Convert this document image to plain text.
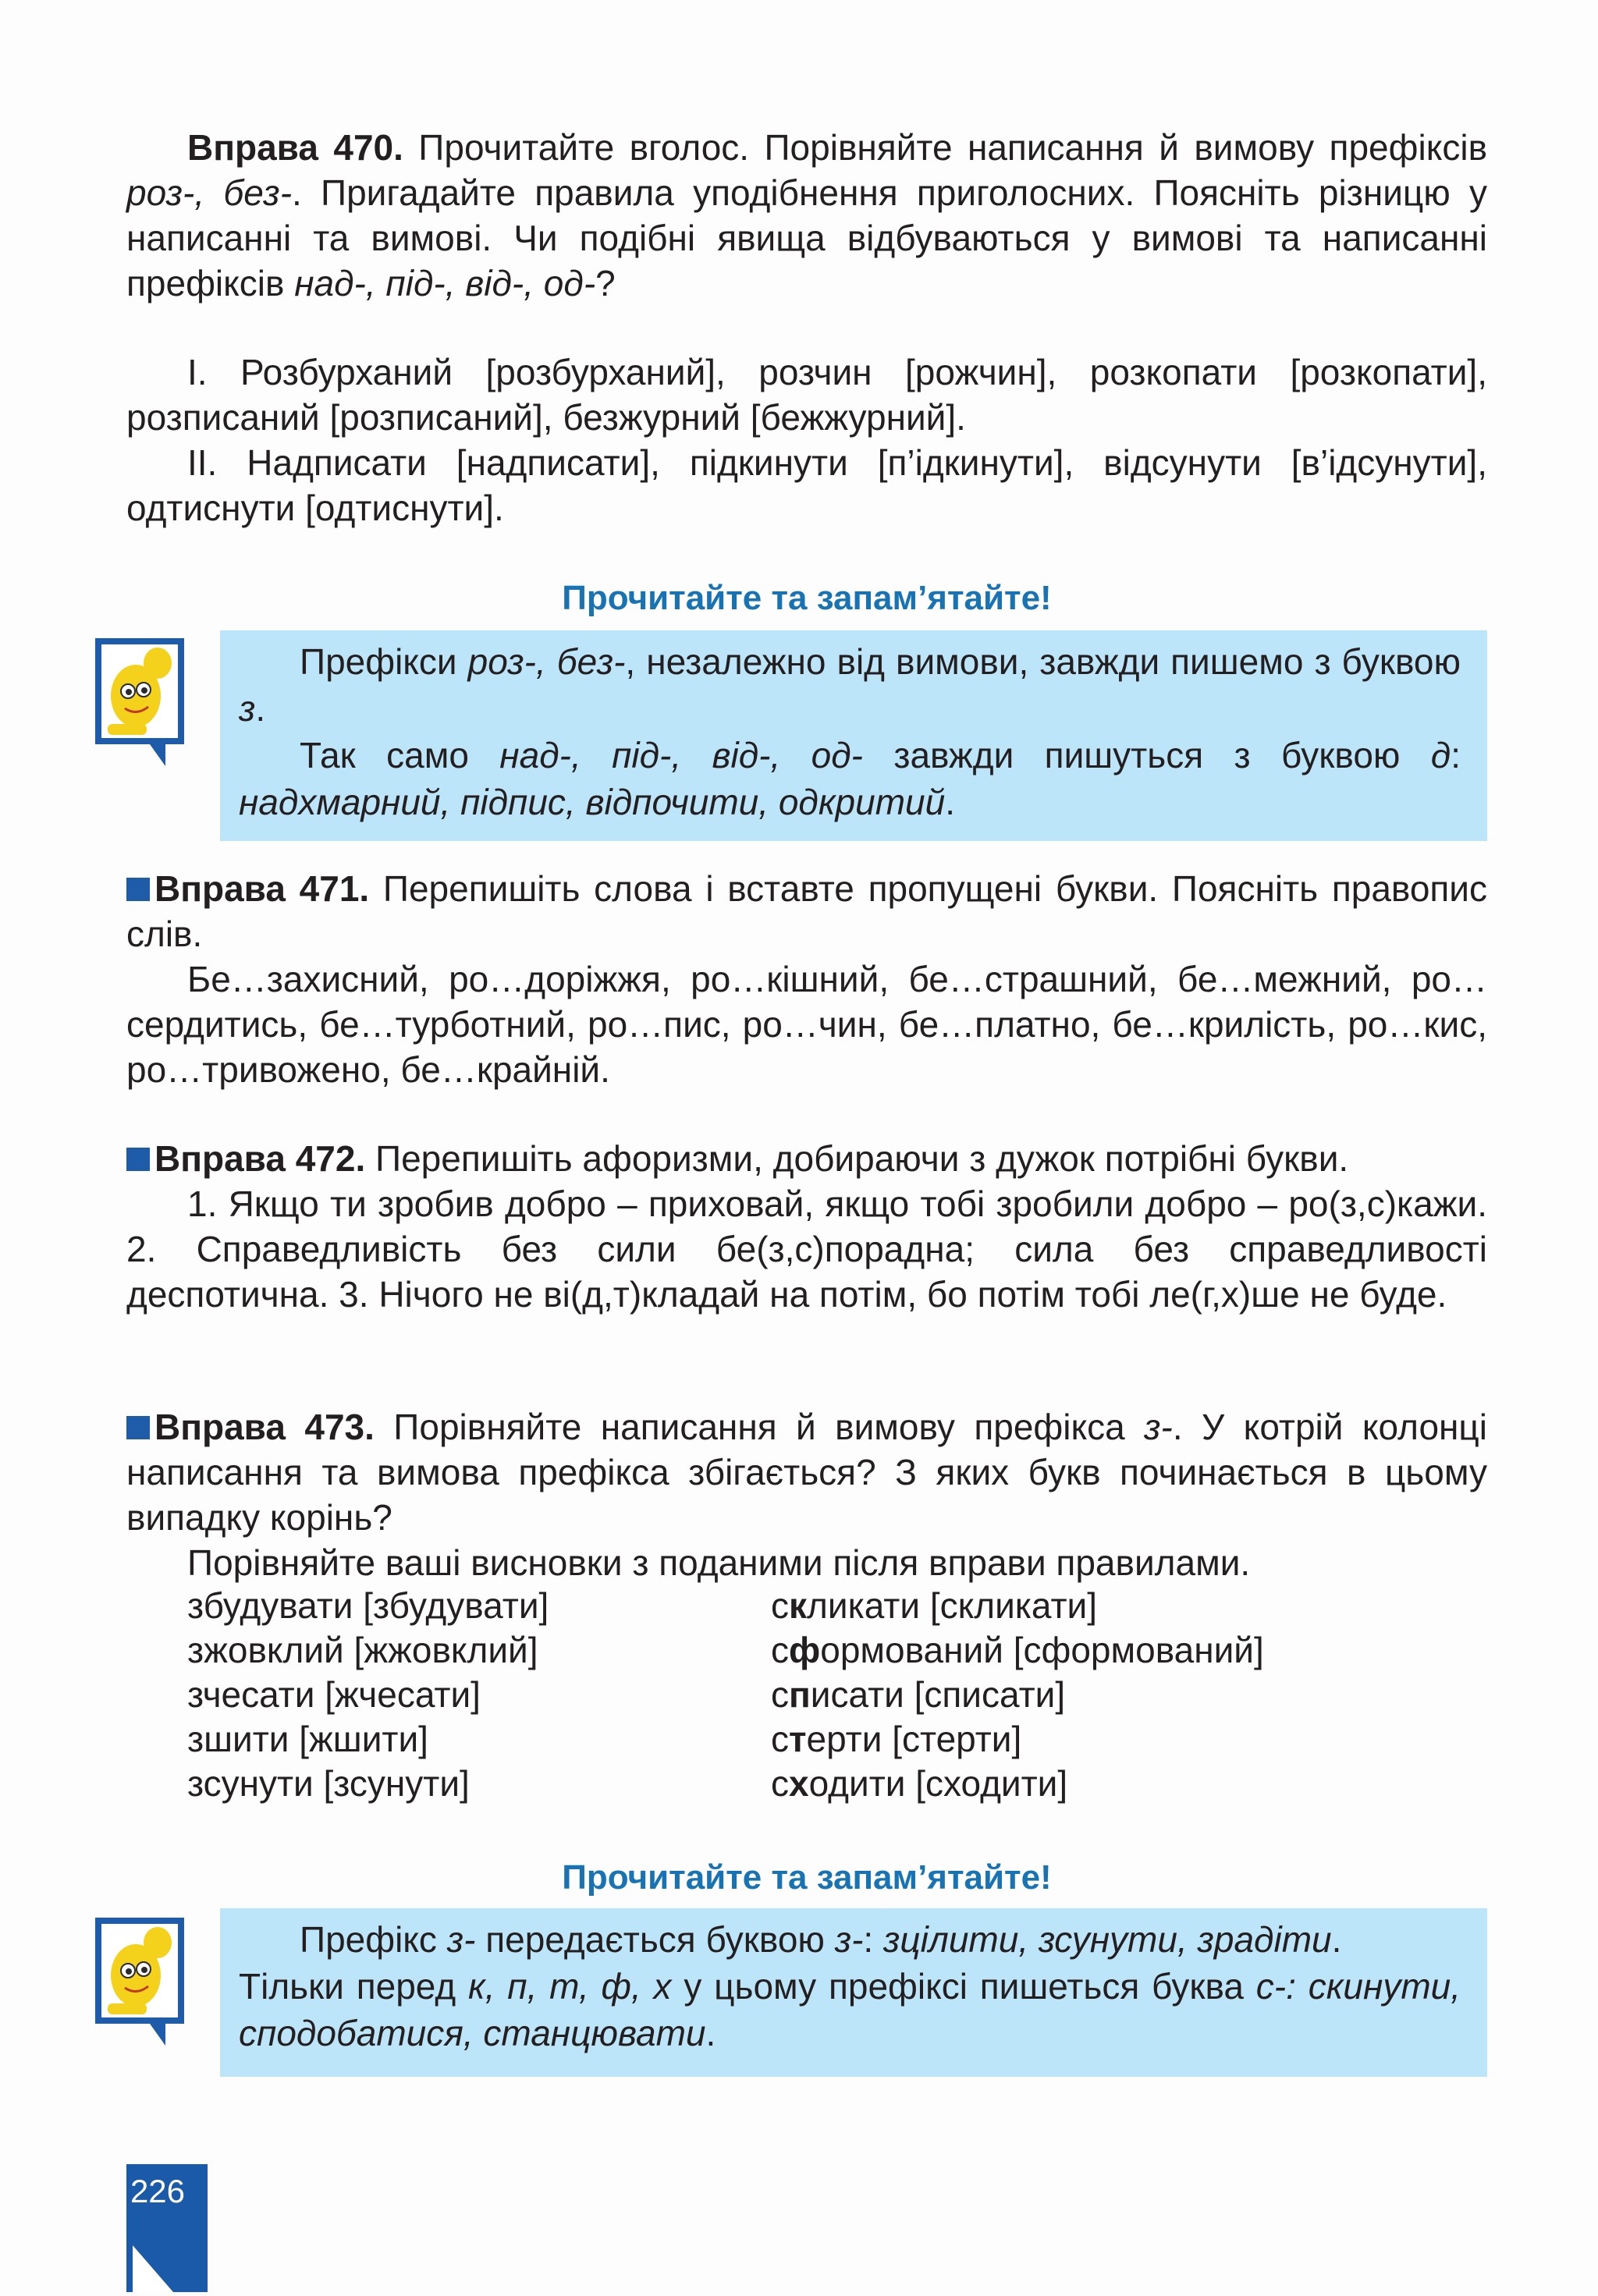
Вправа 470. Прочитайте вголос. Порівняйте написання й вимову префіксів роз-, без-. Пригадайте правила уподібнення приголосних. Поясніть різницю у написанні та вимові. Чи подібні явища відбуваються у вимові та написанні префіксів над-, під-, від-, од-?

I. Розбурханий [розбурханий], розчин [рожчин], розкопати [розкопати], розписаний [розписаний], безжурний [бежжурний].

II. Надписати [надписати], підкинути [п’ідкинути], відсунути [в’ідсунути], одтиснути [одтиснути].

Прочитайте та запам’ятайте!

Префікси роз-, без-, незалежно від вимови, завжди пишемо з буквою з.

Так само над-, під-, від-, од- завжди пишуться з буквою д: надхмарний, підпис, відпочити, одкритий.

Вправа 471. Перепишіть слова і вставте пропущені букви. Поясніть правопис слів.

Бе…захисний, ро…доріжжя, ро…кішний, бе…страшний, бе…межний, ро…сердитись, бе…турботний, ро…пис, ро…чин, бе…платно, бе…крилість, ро…кис, ро…тривожено, бе…крайній.

Вправа 472. Перепишіть афоризми, добираючи з дужок потрібні букви.

1. Якщо ти зробив добро – приховай, якщо тобі зробили добро – ро(з,с)кажи. 2. Справедливість без сили бе(з,с)порадна; сила без справедливості деспотична. 3. Нічого не ві(д,т)кладай на потім, бо потім тобі ле(г,х)ше не буде.

Вправа 473. Порівняйте написання й вимову префікса з-. У котрій колонці написання та вимова префікса збігається? З яких букв починається в цьому випадку корінь?

Порівняйте ваші висновки з поданими після вправи правилами.

збудувати [збудувати]	скликати [скликати]
зжовклий [жжовклий]	сформований [сформований]
зчесати [жчесати]	списати [списати]
зшити [жшити]	стерти [стерти]
зсунути [зсунути]	сходити [сходити]
Прочитайте та запам’ятайте!

Префікс з- передається буквою з-: зцілити, зсунути, зрадіти.
Тільки перед к, п, т, ф, х у цьому префіксі пишеться буква с-: скинути, сподобатися, станцювати.

226
